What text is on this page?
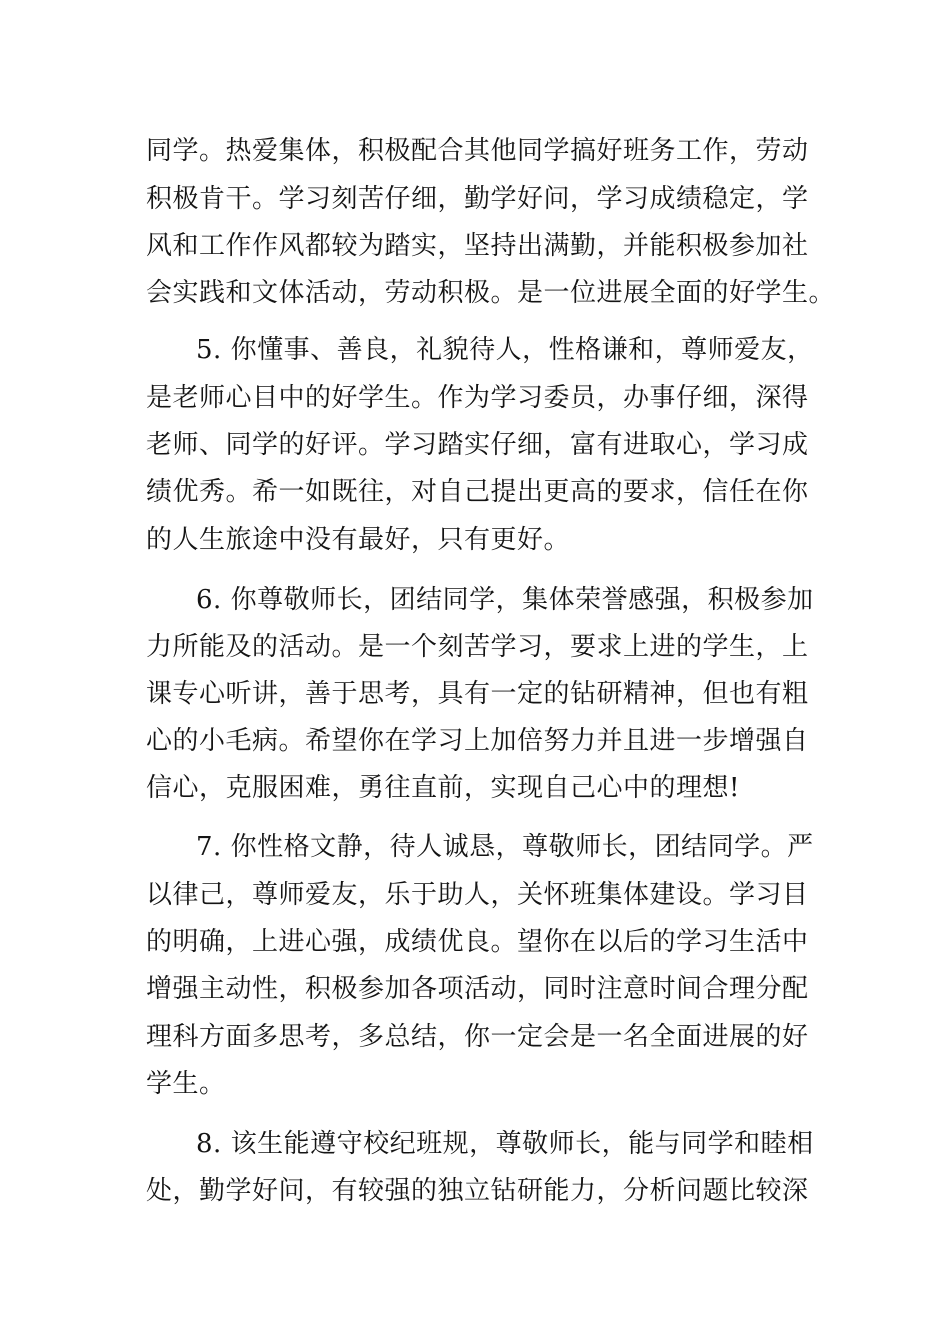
同学。热爱集体，积极配合其他同学搞好班务工作，劳动
积极肯干。学习刻苦仔细，勤学好问，学习成绩稳定，学
风和工作作风都较为踏实，坚持出满勤，并能积极参加社
会实践和文体活动，劳动积极。是一位进展全面的好学生。
5. 你懂事、善良，礼貌待人，性格谦和，尊师爱友，
是老师心目中的好学生。作为学习委员，办事仔细，深得
老师、同学的好评。学习踏实仔细，富有进取心，学习成
绩优秀。希一如既往，对自己提出更高的要求，信任在你
的人生旅途中没有最好，只有更好。
6. 你尊敬师长，团结同学，集体荣誉感强，积极参加
力所能及的活动。是一个刻苦学习，要求上进的学生，上
课专心听讲，善于思考，具有一定的钻研精神，但也有粗
心的小毛病。希望你在学习上加倍努力并且进一步增强自
信心，克服困难，勇往直前，实现自己心中的理想!
7. 你性格文静，待人诚恳，尊敬师长，团结同学。严
以律己，尊师爱友，乐于助人，关怀班集体建设。学习目
的明确，上进心强，成绩优良。望你在以后的学习生活中
增强主动性，积极参加各项活动，同时注意时间合理分配
理科方面多思考，多总结，你一定会是一名全面进展的好
学生。
8. 该生能遵守校纪班规，尊敬师长，能与同学和睦相
处，勤学好问，有较强的独立钻研能力，分析问题比较深
